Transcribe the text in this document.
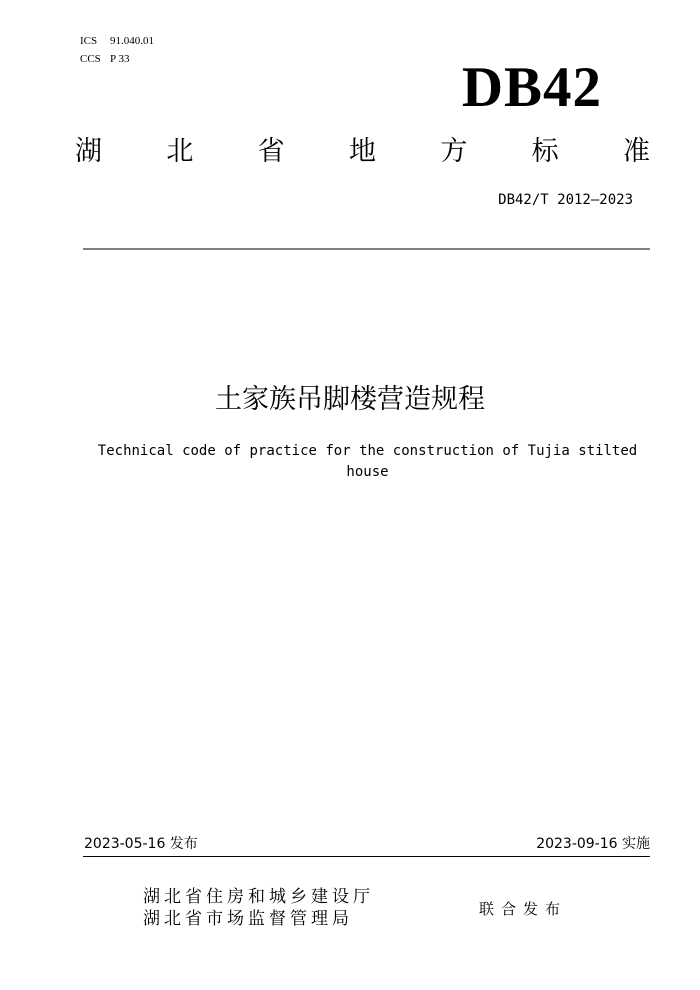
ICS 91.040.01
CCS P 33	DB42
湖 北 省 地 方 标 准
DB42/T 2012—2023
土家族吊脚楼营造规程
Technical code of practice for the construction of Tujia stilted
house
2023-05-16 发布	2023-09-16 实施
湖北省住房和城乡建设厅
湖北省市场监督管理局	联合发布
